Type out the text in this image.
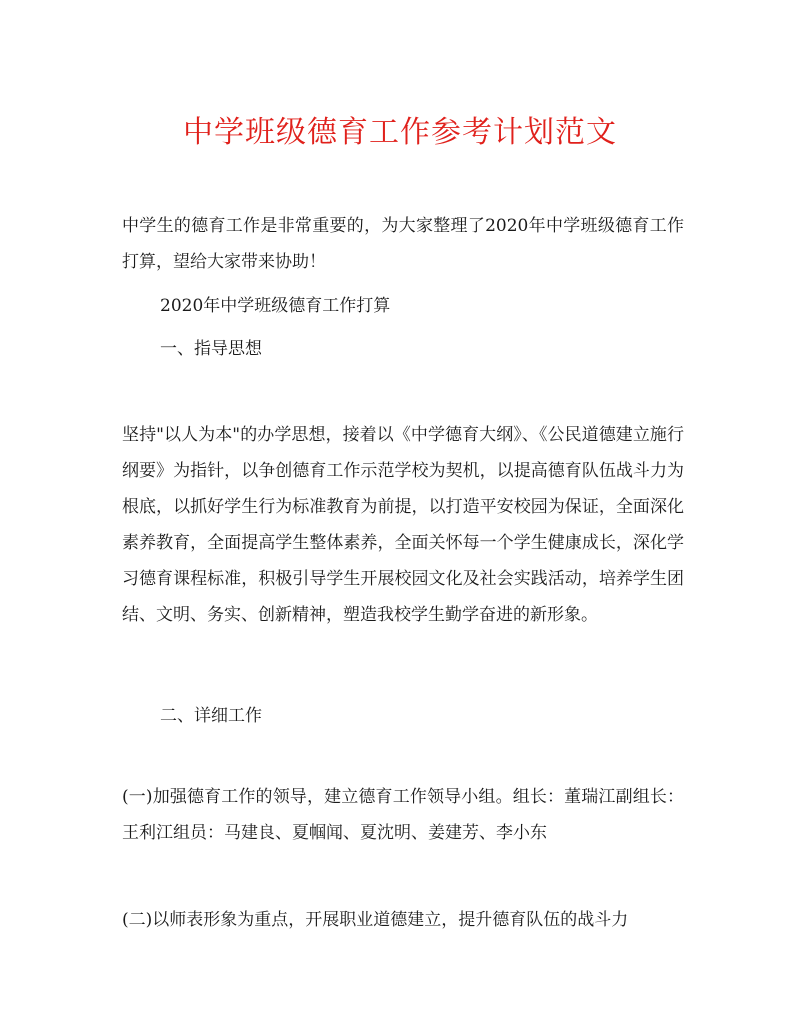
中学班级德育工作参考计划范文

中学生的德育工作是非常重要的，为大家整理了2020年中学班级德育工作打算，望给大家带来协助！

2020年中学班级德育工作打算

一、指导思想

坚持"以人为本"的办学思想，接着以《中学德育大纲》、《公民道德建立施行纲要》为指针，以争创德育工作示范学校为契机，以提高德育队伍战斗力为根底，以抓好学生行为标准教育为前提，以打造平安校园为保证，全面深化素养教育，全面提高学生整体素养，全面关怀每一个学生健康成长，深化学习德育课程标准，积极引导学生开展校园文化及社会实践活动，培养学生团结、文明、务实、创新精神，塑造我校学生勤学奋进的新形象。

二、详细工作

(一)加强德育工作的领导，建立德育工作领导小组。组长：董瑞江副组长：王利江组员：马建良、夏帼闻、夏沈明、姜建芳、李小东

(二)以师表形象为重点，开展职业道德建立，提升德育队伍的战斗力
